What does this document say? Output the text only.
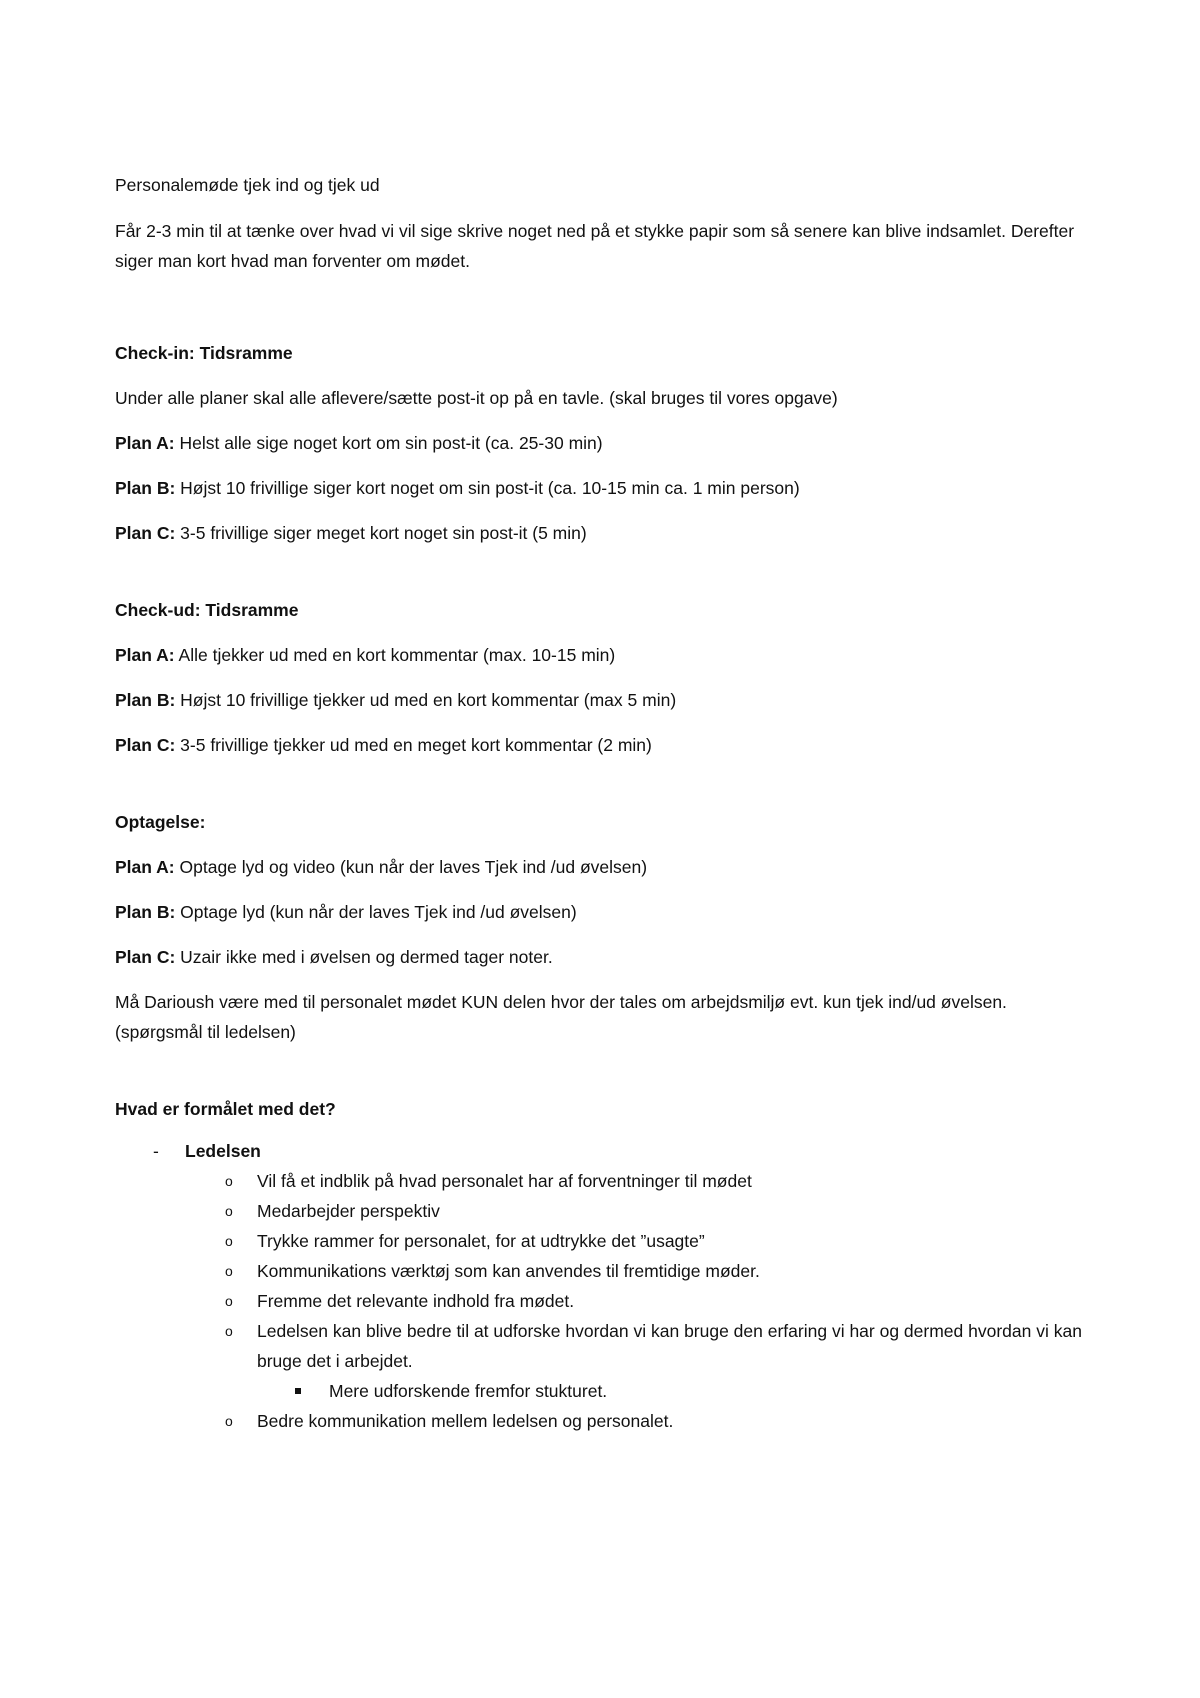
Personalemøde tjek ind og tjek ud

Får 2-3 min til at tænke over hvad vi vil sige skrive noget ned på et stykke papir som så senere kan blive indsamlet. Derefter siger man kort hvad man forventer om mødet.

Check-in: Tidsramme

Under alle planer skal alle aflevere/sætte post-it op på en tavle. (skal bruges til vores opgave)

Plan A: Helst alle sige noget kort om sin post-it (ca. 25-30 min)

Plan B: Højst 10 frivillige siger kort noget om sin post-it (ca. 10-15 min ca. 1 min person)

Plan C: 3-5 frivillige siger meget kort noget sin post-it (5 min)

Check-ud: Tidsramme

Plan A: Alle tjekker ud med en kort kommentar (max. 10-15 min)

Plan B: Højst 10 frivillige tjekker ud med en kort kommentar (max 5 min)

Plan C: 3-5 frivillige tjekker ud med en meget kort kommentar (2 min)

Optagelse:

Plan A: Optage lyd og video (kun når der laves Tjek ind /ud øvelsen)

Plan B: Optage lyd (kun når der laves Tjek ind /ud øvelsen)

Plan C: Uzair ikke med i øvelsen og dermed tager noter.

Må Darioush være med til personalet mødet KUN delen hvor der tales om arbejdsmiljø evt. kun tjek ind/ud øvelsen. (spørgsmål til ledelsen)

Hvad er formålet med det?

-	Ledelsen

o Vil få et indblik på hvad personalet har af forventninger til mødet
o Medarbejder perspektiv
o Trykke rammer for personalet, for at udtrykke det ”usagte”
o Kommunikations værktøj som kan anvendes til fremtidige møder.
o Fremme det relevante indhold fra mødet.
o Ledelsen kan blive bedre til at udforske hvordan vi kan bruge den erfaring vi har og dermed hvordan vi kan bruge det i arbejdet.
Mere udforskende fremfor stukturet.
o Bedre kommunikation mellem ledelsen og personalet.
